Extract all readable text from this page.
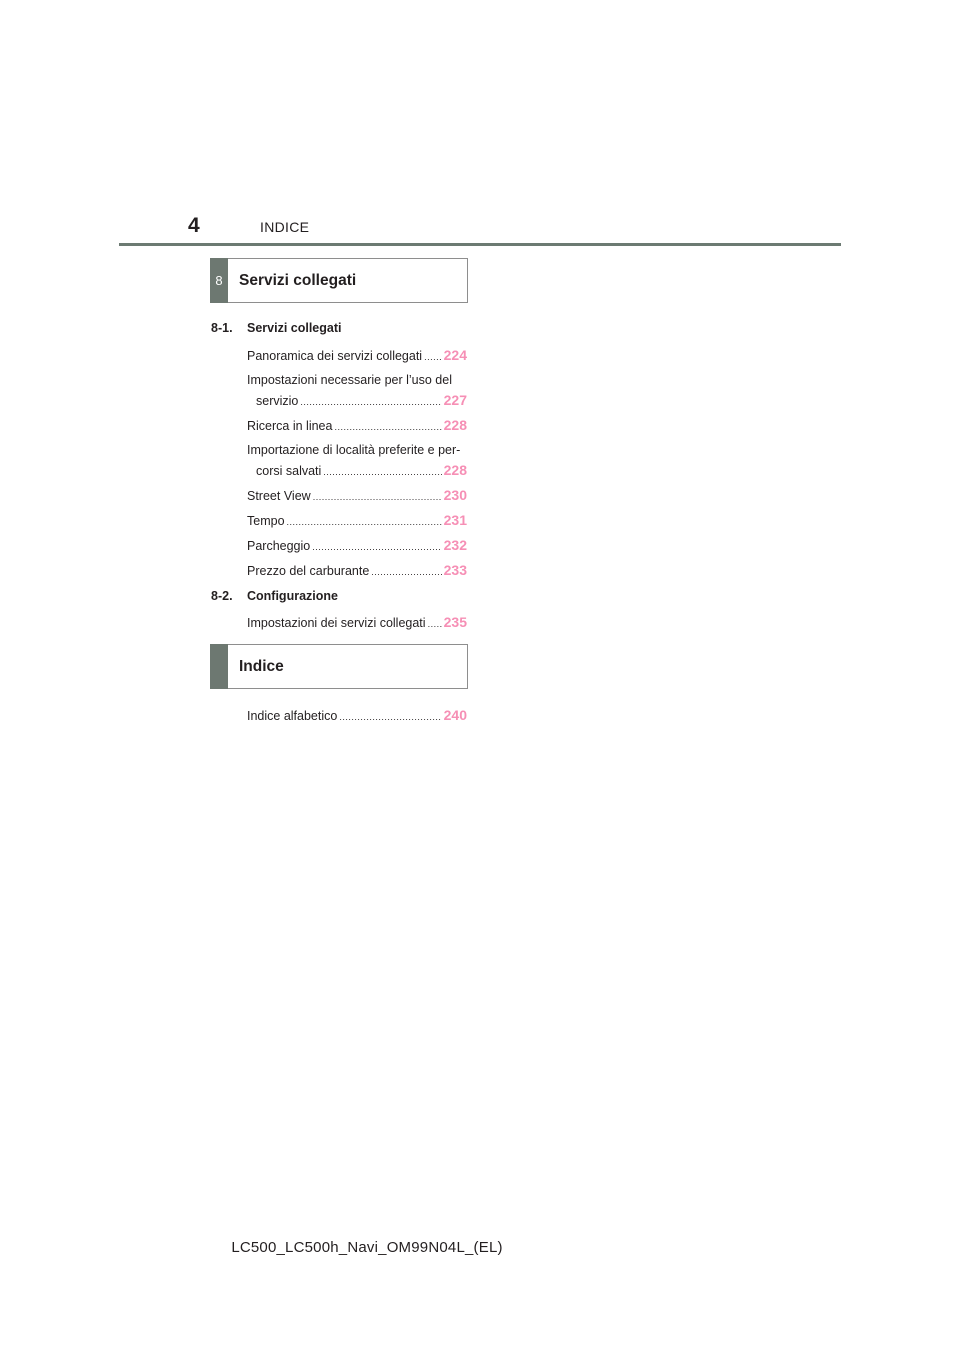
4	INDICE
8	Servizi collegati
8-1. Servizi collegati
Panoramica dei servizi collegati ..... 224
Impostazioni necessarie per l’uso del
servizio .....	227
Ricerca in linea .....	228
Importazione di località preferite e per-
corsi salvati .....	228
Street View .....	230
Tempo .....	231
Parcheggio .....	232
Prezzo del carburante .....	233
8-2. Configurazione
Impostazioni dei servizi collegati ..... 235
Indice
Indice alfabetico .....	240
LC500_LC500h_Navi_OM99N04L_(EL)
